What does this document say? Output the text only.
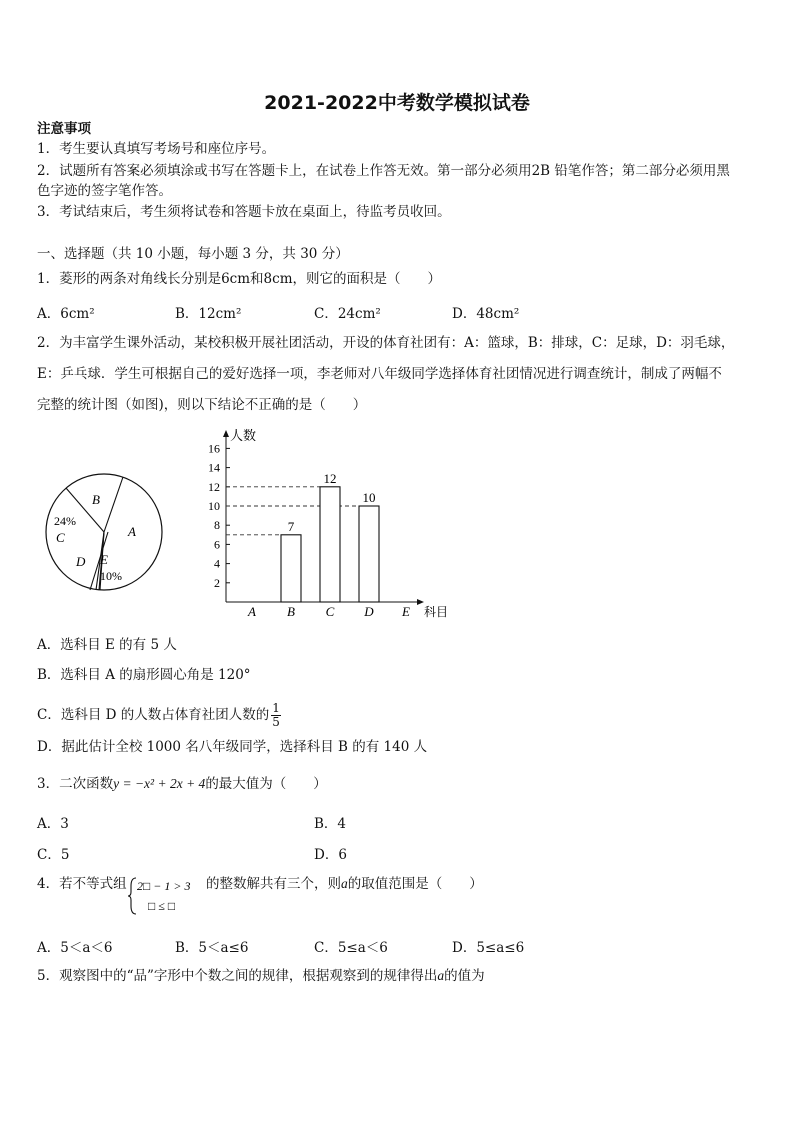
2021-2022中考数学模拟试卷
注意事项
1．考生要认真填写考场号和座位序号。
2．试题所有答案必须填涂或书写在答题卡上，在试卷上作答无效。第一部分必须用2B 铅笔作答；第二部分必须用黑
色字迹的签字笔作答。
3．考试结束后，考生须将试卷和答题卡放在桌面上，待监考员收回。
一、选择题（共 10 小题，每小题 3 分，共 30 分）
1．菱形的两条对角线长分别是6cm和8cm，则它的面积是（　　）
A．6cm²	B．12cm²	C．24cm²	D．48cm²
2．为丰富学生课外活动，某校积极开展社团活动，开设的体育社团有：A：篮球，B：排球，C：足球，D：羽毛球，
E：乒乓球．学生可根据自己的爱好选择一项，李老师对八年级同学选择体育社团情况进行调查统计，制成了两幅不
完整的统计图（如图)，则以下结论不正确的是（　　）
B
A
24%
C
D E
10%
人数
科目
2
4
6
8
10
12
14
16
7
12
10
A B C D E
A．选科目 E 的有 5 人
B．选科目 A 的扇形圆心角是 120°
C．选科目 D 的人数占体育社团人数的 $\frac{1}{5}$
D．据此估计全校 1000 名八年级同学，选择科目 B 的有 140 人
3．二次函数y = −x² + 2x + 4的最大值为（　　）
A．3	B．4
C．5	D．6
4．若不等式组 2□ − 1 > 3
□ ≤ □
的整数解共有三个，则a的取值范围是（　　）
A．5＜a＜6	B．5＜a≤6	C．5≤a＜6	D．5≤a≤6
5．观察图中的“品”字形中个数之间的规律，根据观察到的规律得出a的值为
